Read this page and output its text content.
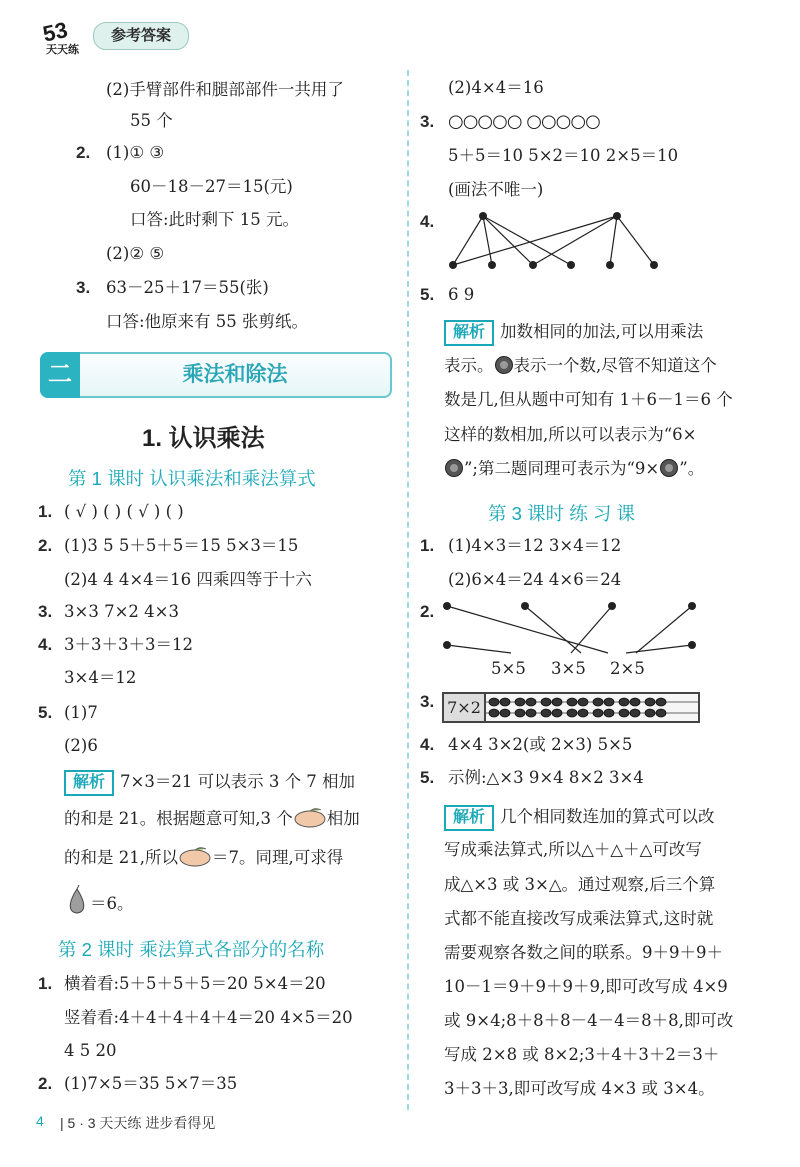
53
天天练
参考答案
(2)手臂部件和腿部部件一共用了
55 个
2. (1)① ③
60－18－27＝15(元)
口答:此时剩下 15 元。
(2)② ⑤
3. 63－25＋17＝55(张)
口答:他原来有 55 张剪纸。
二	乘法和除法
1. 认识乘法
第 1 课时 认识乘法和乘法算式
1. ( √ ) ( ) ( √ ) ( )
2. (1)3 5 5＋5＋5＝15 5×3＝15
(2)4 4 4×4＝16 四乘四等于十六
3. 3×3 7×2 4×3
4. 3＋3＋3＋3＝12
3×4＝12
5. (1)7
(2)6
解析 7×3＝21 可以表示 3 个 7 相加
的和是 21。根据题意可知,3 个 相加
的和是 21,所以 ＝7。同理,可求得
＝6。
第 2 课时 乘法算式各部分的名称
1. 横着看:5＋5＋5＋5＝20 5×4＝20
竖着看:4＋4＋4＋4＋4＝20 4×5＝20
4 5 20
2. (1)7×5＝35 5×7＝35
(2)4×4＝16
3. ○○○○○ ○○○○○
5＋5＝10 5×2＝10 2×5＝10
(画法不唯一)
4.
5. 6 9
解析 加数相同的加法,可以用乘法
表示。 表示一个数,尽管不知道这个
数是几,但从题中可知有 1＋6－1＝6 个
这样的数相加,所以可以表示为“6×
”;第二题同理可表示为“9× ”。
第 3 课时 练 习 课
1. (1)4×3＝12 3×4＝12
(2)6×4＝24 4×6＝24
2.
5×5 3×5 2×5
3. 7×2
4. 4×4 3×2(或 2×3) 5×5
5. 示例:△×3 9×4 8×2 3×4
解析 几个相同数连加的算式可以改
写成乘法算式,所以△＋△＋△可改写
成△×3 或 3×△。通过观察,后三个算
式都不能直接改写成乘法算式,这时就
需要观察各数之间的联系。9＋9＋9＋
10－1＝9＋9＋9＋9,即可改写成 4×9
或 9×4;8＋8＋8－4－4＝8＋8,即可改
写成 2×8 或 8×2;3＋4＋3＋2＝3＋
3＋3＋3,即可改写成 4×3 或 3×4。
4 | 5 · 3 天天练 进步看得见
